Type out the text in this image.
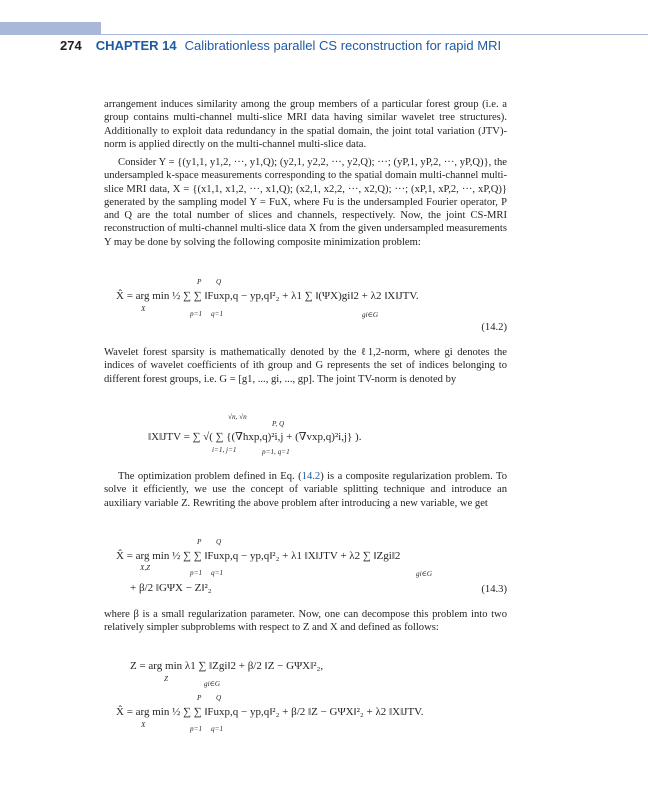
274 CHAPTER 14 Calibrationless parallel CS reconstruction for rapid MRI

arrangement induces similarity among the group members of a particular forest group (i.e. a group contains multi-channel multi-slice MRI data having similar wavelet tree structures). Additionally to exploit data redundancy in the spatial domain, the joint total variation (JTV)-norm is applied directly on the multi-channel multi-slice data.

Consider Y = {(y1,1, y1,2, ···, y1,Q); (y2,1, y2,2, ···, y2,Q); ···; (yP,1, yP,2, ···, yP,Q)}, the undersampled k-space measurements corresponding to the spatial domain multi-channel multi-slice MRI data, X = {(x1,1, x1,2, ···, x1,Q); (x2,1, x2,2, ···, x2,Q); ···; (xP,1, xP,2, ···, xP,Q)} generated by the sampling model Y = FuX, where Fu is the undersampled Fourier operator, P and Q are the total number of slices and channels, respectively. Now, the joint CS-MRI reconstruction of multi-channel multi-slice data X from the given undersampled measurements Y may be done by solving the following composite minimization problem:

P Q
X̂ = arg min ½ ∑ ∑ ‖Fuxp,q − yp,q‖²₂ + λ1 ∑ ‖(ΨX)gi‖2 + λ2 ‖X‖JTV.
X
p=1 q=1	gi∈G
(14.2)

Wavelet forest sparsity is mathematically denoted by the ℓ1,2-norm, where gi denotes the indices of wavelet coefficients of ith group and G represents the set of indices belonging to different forest groups, i.e. G = [g1, ..., gi, ..., gp]. The joint TV-norm is denoted by

√n, √n
P, Q
‖X‖JTV = ∑ √( ∑ {(∇hxp,q)²i,j + (∇vxp,q)²i,j} ).
i=1, j=1	p=1, q=1

The optimization problem defined in Eq. (14.2) is a composite regularization problem. To solve it efficiently, we use the concept of variable splitting technique and introduce an auxiliary variable Z. Rewriting the above problem after introducing a new variable, we get

P Q
X̂ = arg min ½ ∑ ∑ ‖Fuxp,q − yp,q‖²₂ + λ1 ‖X‖JTV + λ2 ∑ ‖Zgi‖2
X,Z
p=1 q=1	gi∈G
+ β/2 ‖GΨX − Z‖²₂	(14.3)

where β is a small regularization parameter. Now, one can decompose this problem into two relatively simpler subproblems with respect to Z and X and defined as follows:

Z = arg min λ1 ∑ ‖Zgi‖2 + β/2 ‖Z − GΨX‖²₂,
Z
gi∈G
P Q
X̂ = arg min ½ ∑ ∑ ‖Fuxp,q − yp,q‖²₂ + β/2 ‖Z − GΨX‖²₂ + λ2 ‖X‖JTV.
X	p=1 q=1
